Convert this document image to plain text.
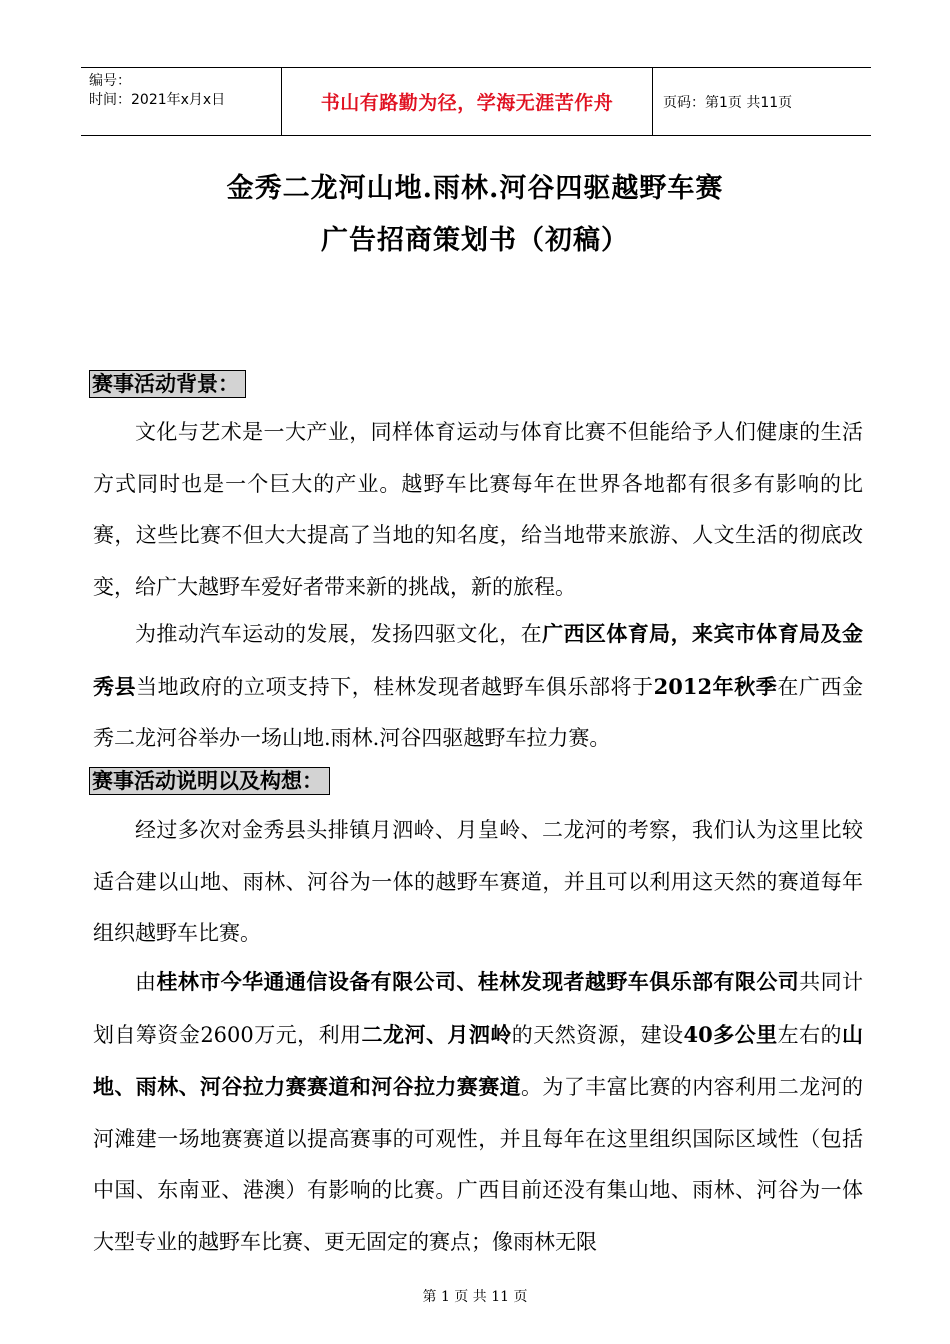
编号：
时间：2021年x月x日	书山有路勤为径，学海无涯苦作舟	页码：第1页 共11页
金秀二龙河山地.雨林.河谷四驱越野车赛
广告招商策划书（初稿）
赛事活动背景：
文化与艺术是一大产业，同样体育运动与体育比赛不但能给予人们健康的生活方式同时也是一个巨大的产业。越野车比赛每年在世界各地都有很多有影响的比赛，这些比赛不但大大提高了当地的知名度，给当地带来旅游、人文生活的彻底改变，给广大越野车爱好者带来新的挑战，新的旅程。
为推动汽车运动的发展，发扬四驱文化，在广西区体育局，来宾市体育局及金秀县当地政府的立项支持下，桂林发现者越野车俱乐部将于2012年秋季在广西金秀二龙河谷举办一场山地.雨林.河谷四驱越野车拉力赛。
赛事活动说明以及构想：
经过多次对金秀县头排镇月泗岭、月皇岭、二龙河的考察，我们认为这里比较适合建以山地、雨林、河谷为一体的越野车赛道，并且可以利用这天然的赛道每年组织越野车比赛。
由桂林市今华通通信设备有限公司、桂林发现者越野车俱乐部有限公司共同计划自筹资金2600万元，利用二龙河、月泗岭的天然资源，建设40多公里左右的山地、雨林、河谷拉力赛赛道和河谷拉力赛赛道。为了丰富比赛的内容利用二龙河的河滩建一场地赛赛道以提高赛事的可观性，并且每年在这里组织国际区域性（包括中国、东南亚、港澳）有影响的比赛。广西目前还没有集山地、雨林、河谷为一体大型专业的越野车比赛、更无固定的赛点；像雨林无限
第 1 页 共 11 页
